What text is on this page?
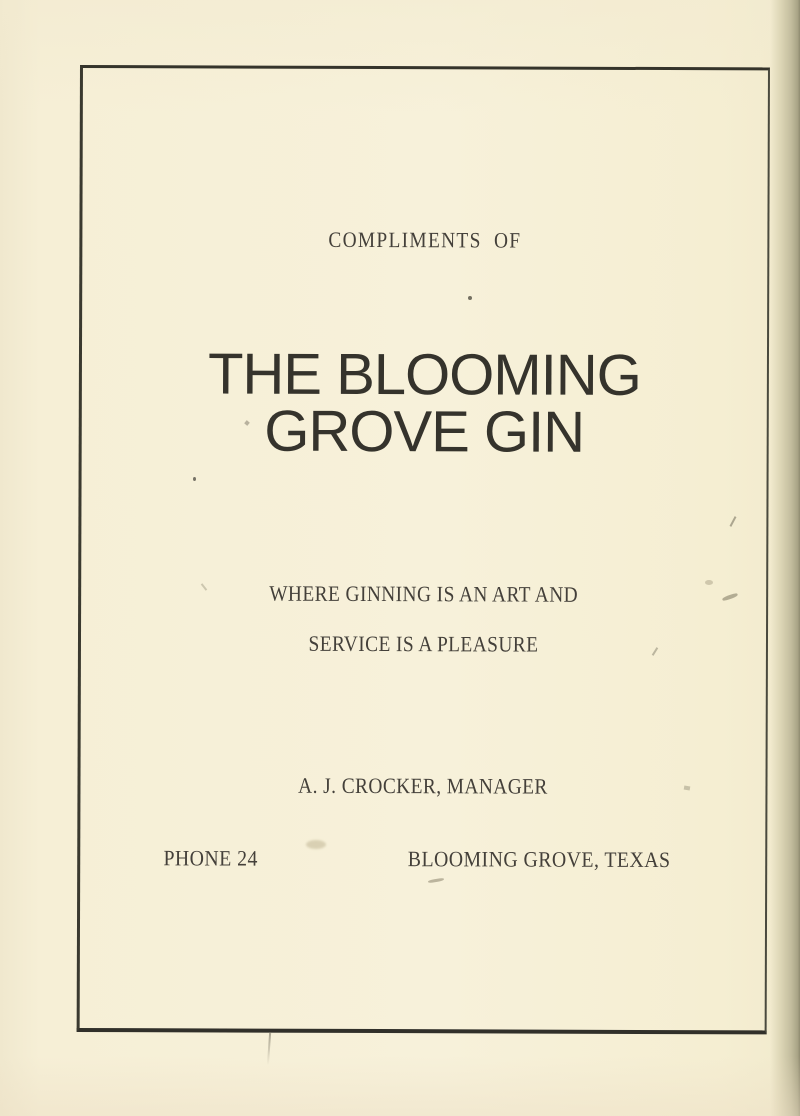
COMPLIMENTS OF
THE BLOOMING
GROVE GIN
WHERE GINNING IS AN ART AND
SERVICE IS A PLEASURE
A. J. CROCKER, MANAGER
PHONE 24	BLOOMING GROVE, TEXAS
